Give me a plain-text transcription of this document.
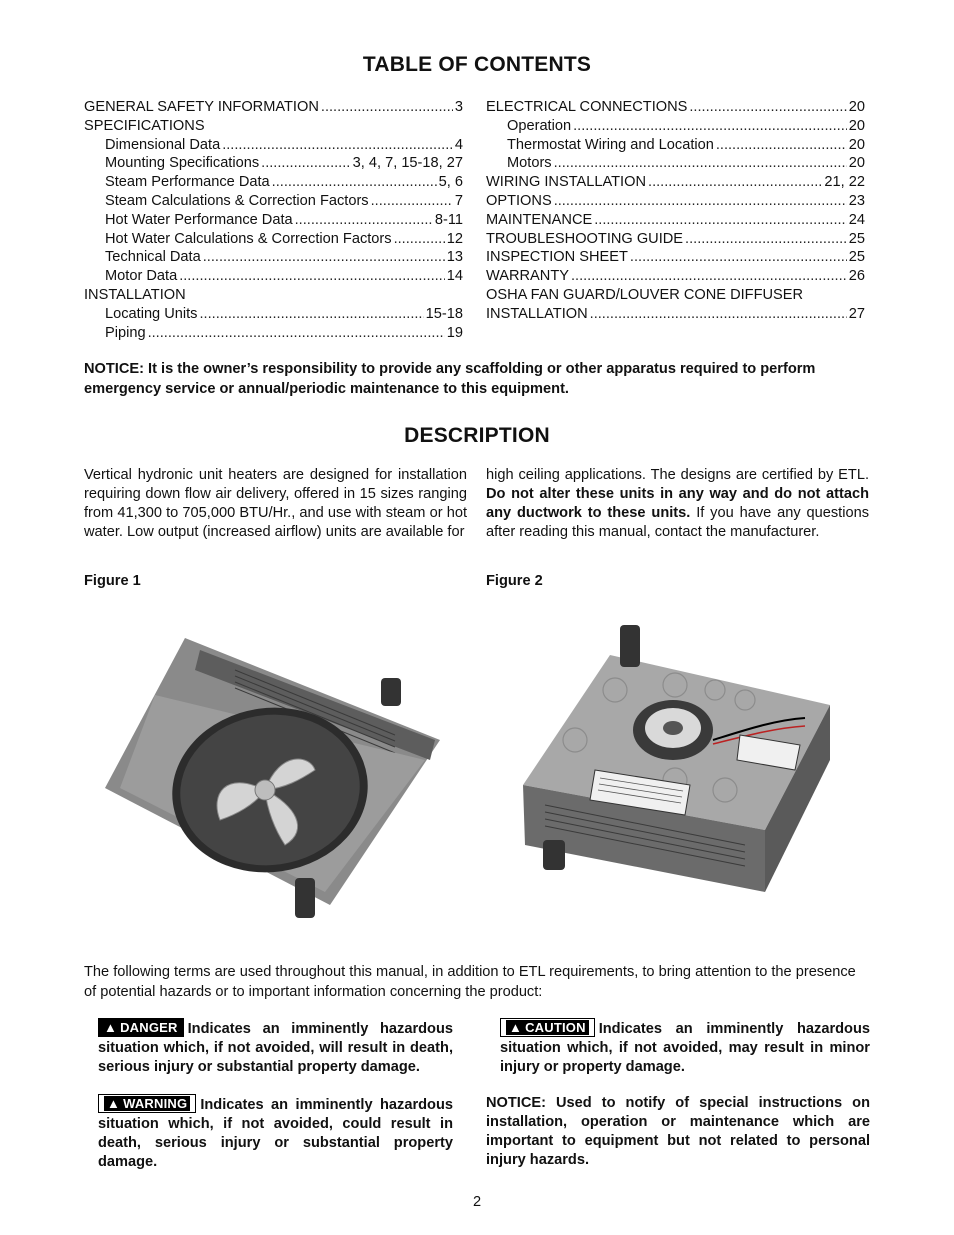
TABLE OF CONTENTS
GENERAL SAFETY INFORMATION .....	3
SPECIFICATIONS
Dimensional Data .....	4
Mounting Specifications .....	3, 4, 7, 15-18, 27
Steam Performance Data .....	5, 6
Steam Calculations & Correction Factors .....	7
Hot Water Performance Data .....	8-11
Hot Water Calculations & Correction Factors .....	12
Technical Data .....	13
Motor Data .....	14
INSTALLATION
Locating Units .....	15-18
Piping .....	19
ELECTRICAL CONNECTIONS .....	20
Operation .....	20
Thermostat Wiring and Location .....	20
Motors .....	20
WIRING INSTALLATION .....	21, 22
OPTIONS .....	23
MAINTENANCE .....	24
TROUBLESHOOTING GUIDE .....	25
INSPECTION SHEET .....	25
WARRANTY .....	26
OSHA FAN GUARD/LOUVER CONE DIFFUSER
INSTALLATION .....	27
NOTICE: It is the owner’s responsibility to provide any scaffolding or other apparatus required to perform emergency service or annual/periodic maintenance to this equipment.
DESCRIPTION
Vertical hydronic unit heaters are designed for installation requiring down flow air delivery, offered in 15 sizes ranging from 41,300 to 705,000 BTU/Hr., and use with steam or hot water. Low output (increased airflow) units are available for
high ceiling applications. The designs are certified by ETL. Do not alter these units in any way and do not attach any ductwork to these units. If you have any questions after reading this manual, contact the manufacturer.
Figure 1	Figure 2
The following terms are used throughout this manual, in addition to ETL requirements, to bring attention to the presence of potential hazards or to important information concerning the product:
▲ DANGER Indicates an imminently hazardous situation which, if not avoided, will result in death, serious injury or substantial property damage.
▲ WARNING Indicates an imminently hazardous situation which, if not avoided, could result in death, serious injury or substantial property damage.
▲ CAUTION Indicates an imminently hazardous situation which, if not avoided, may result in minor injury or property damage.
NOTICE: Used to notify of special instructions on installation, operation or maintenance which are important to equipment but not related to personal injury hazards.
2
